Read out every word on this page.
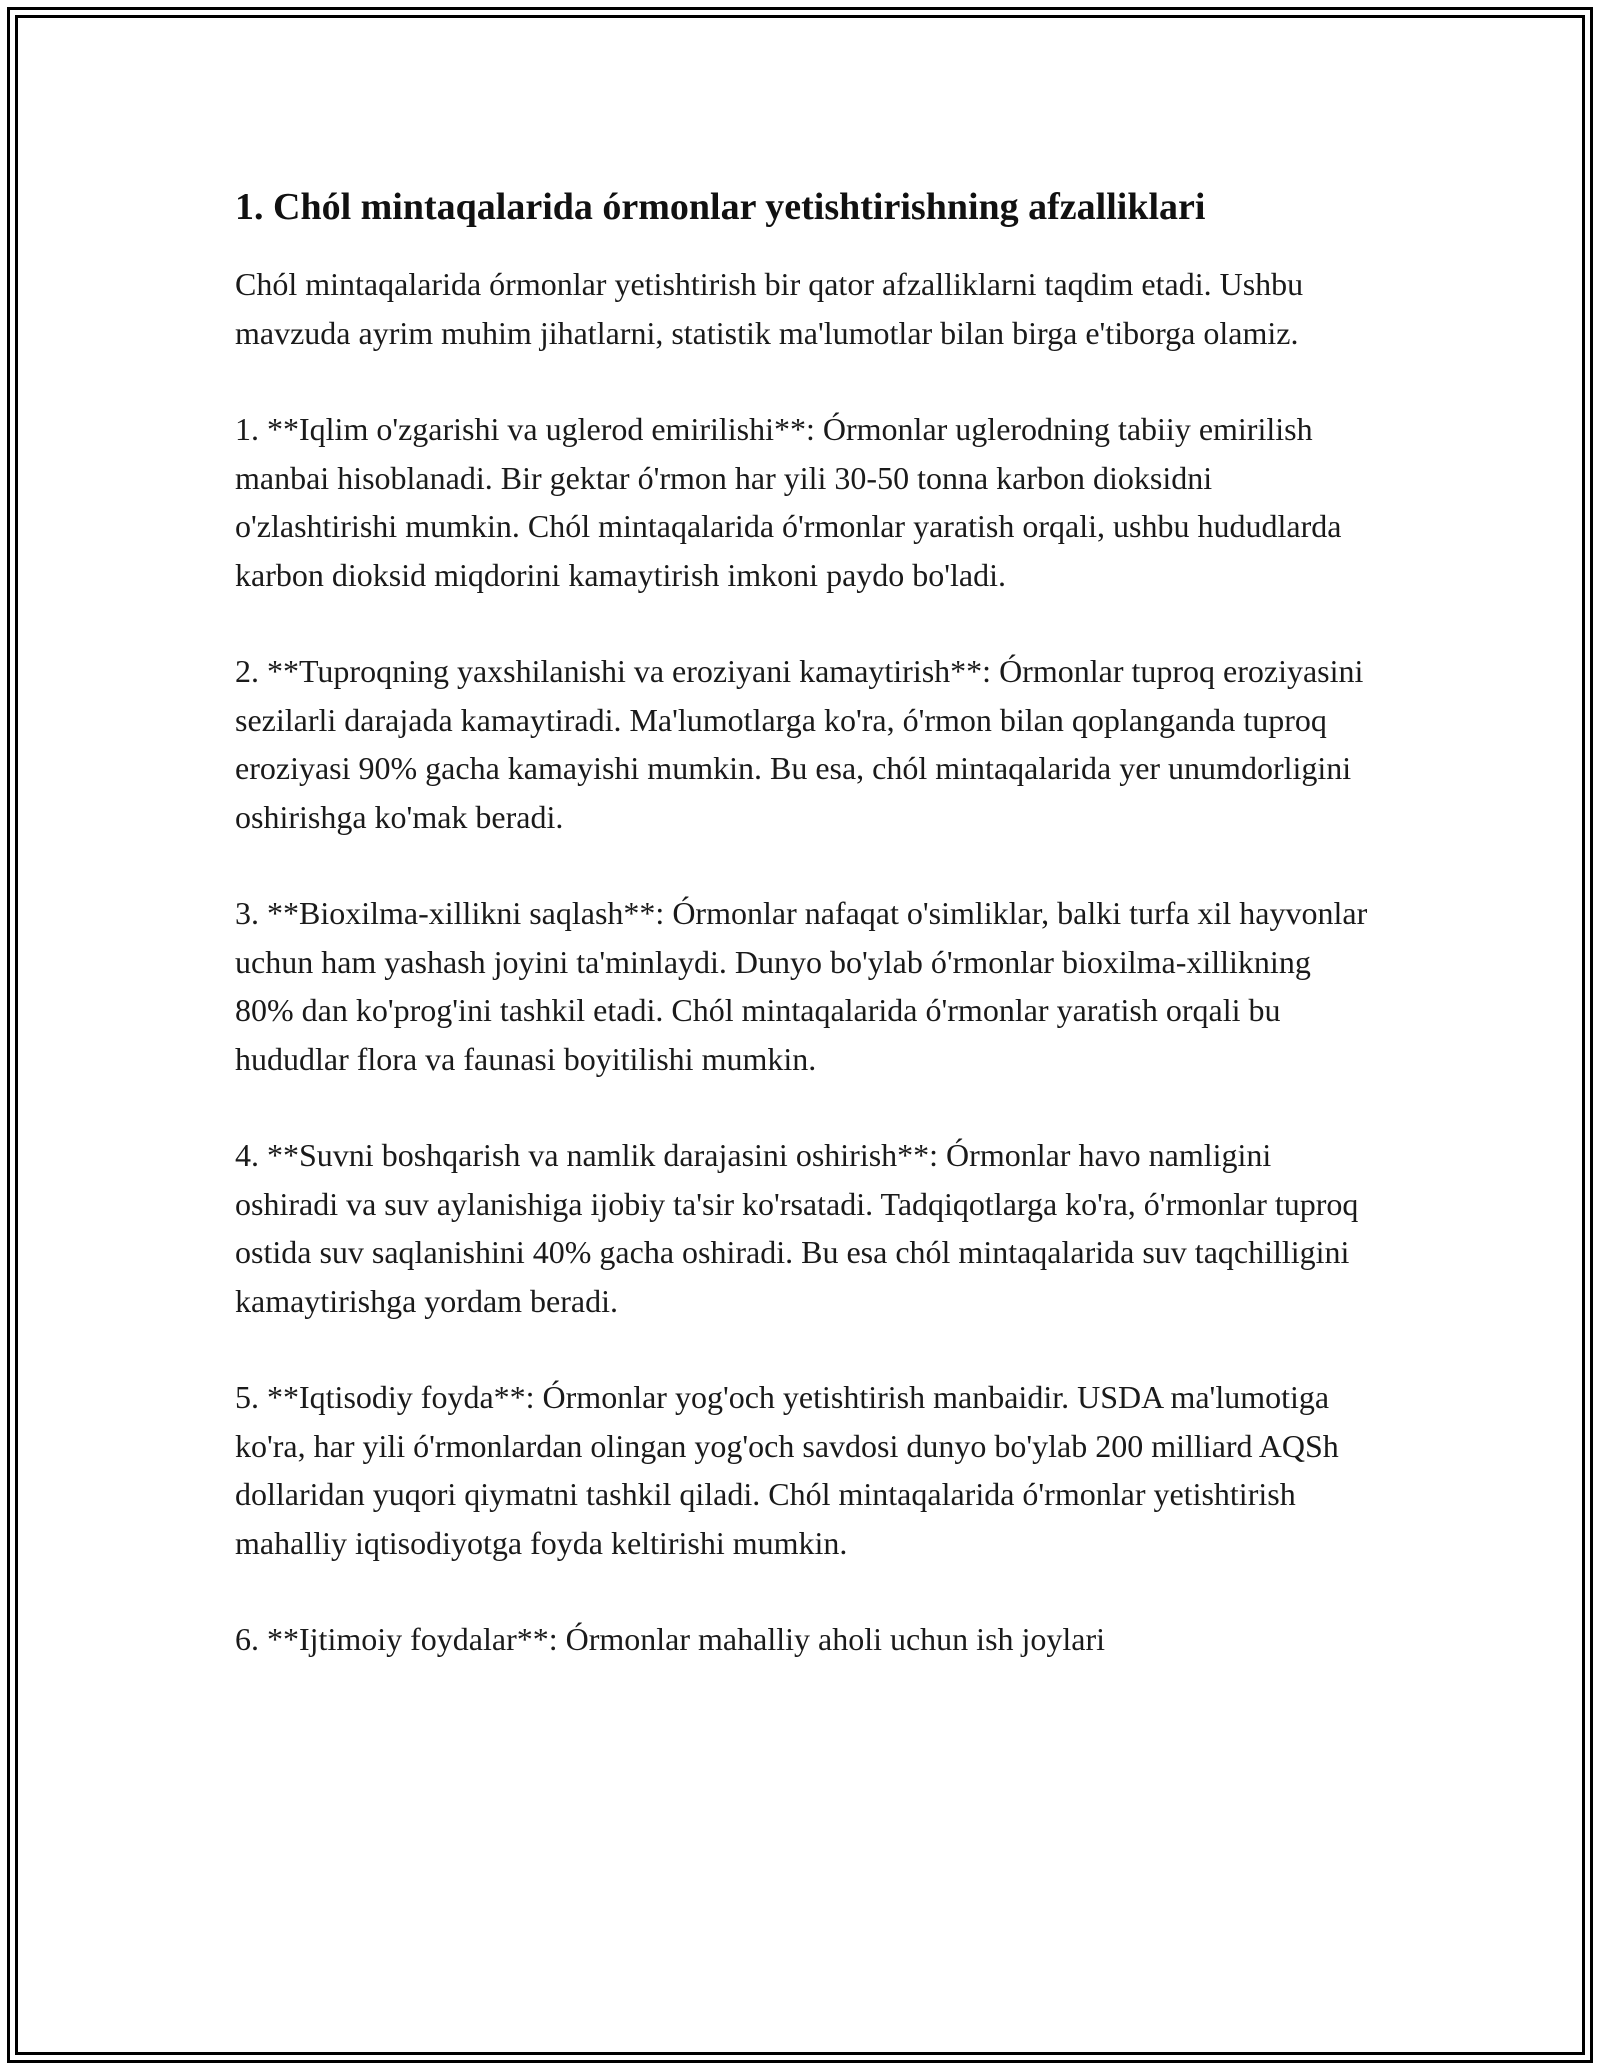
1. Chól mintaqalarida órmonlar yetishtirishning afzalliklari

Chól mintaqalarida órmonlar yetishtirish bir qator afzalliklarni taqdim etadi. Ushbu mavzuda ayrim muhim jihatlarni, statistik ma'lumotlar bilan birga e'tiborga olamiz.

1. **Iqlim o'zgarishi va uglerod emirilishi**: Órmonlar uglerodning tabiiy emirilish manbai hisoblanadi. Bir gektar ó'rmon har yili 30-50 tonna karbon dioksidni o'zlashtirishi mumkin. Chól mintaqalarida ó'rmonlar yaratish orqali, ushbu hududlarda karbon dioksid miqdorini kamaytirish imkoni paydo bo'ladi.

2. **Tuproqning yaxshilanishi va eroziyani kamaytirish**: Órmonlar tuproq eroziyasini sezilarli darajada kamaytiradi. Ma'lumotlarga ko'ra, ó'rmon bilan qoplanganda tuproq eroziyasi 90% gacha kamayishi mumkin. Bu esa, chól mintaqalarida yer unumdorligini oshirishga ko'mak beradi.

3. **Bioxilma-xillikni saqlash**: Órmonlar nafaqat o'simliklar, balki turfa xil hayvonlar uchun ham yashash joyini ta'minlaydi. Dunyo bo'ylab ó'rmonlar bioxilma-xillikning 80% dan ko'prog'ini tashkil etadi. Chól mintaqalarida ó'rmonlar yaratish orqali bu hududlar flora va faunasi boyitilishi mumkin.

4. **Suvni boshqarish va namlik darajasini oshirish**: Órmonlar havo namligini oshiradi va suv aylanishiga ijobiy ta'sir ko'rsatadi. Tadqiqotlarga ko'ra, ó'rmonlar tuproq ostida suv saqlanishini 40% gacha oshiradi. Bu esa chól mintaqalarida suv taqchilligini kamaytirishga yordam beradi.

5. **Iqtisodiy foyda**: Órmonlar yog'och yetishtirish manbaidir. USDA ma'lumotiga ko'ra, har yili ó'rmonlardan olingan yog'och savdosi dunyo bo'ylab 200 milliard AQSh dollaridan yuqori qiymatni tashkil qiladi. Chól mintaqalarida ó'rmonlar yetishtirish mahalliy iqtisodiyotga foyda keltirishi mumkin.

6. **Ijtimoiy foydalar**: Órmonlar mahalliy aholi uchun ish joylari
